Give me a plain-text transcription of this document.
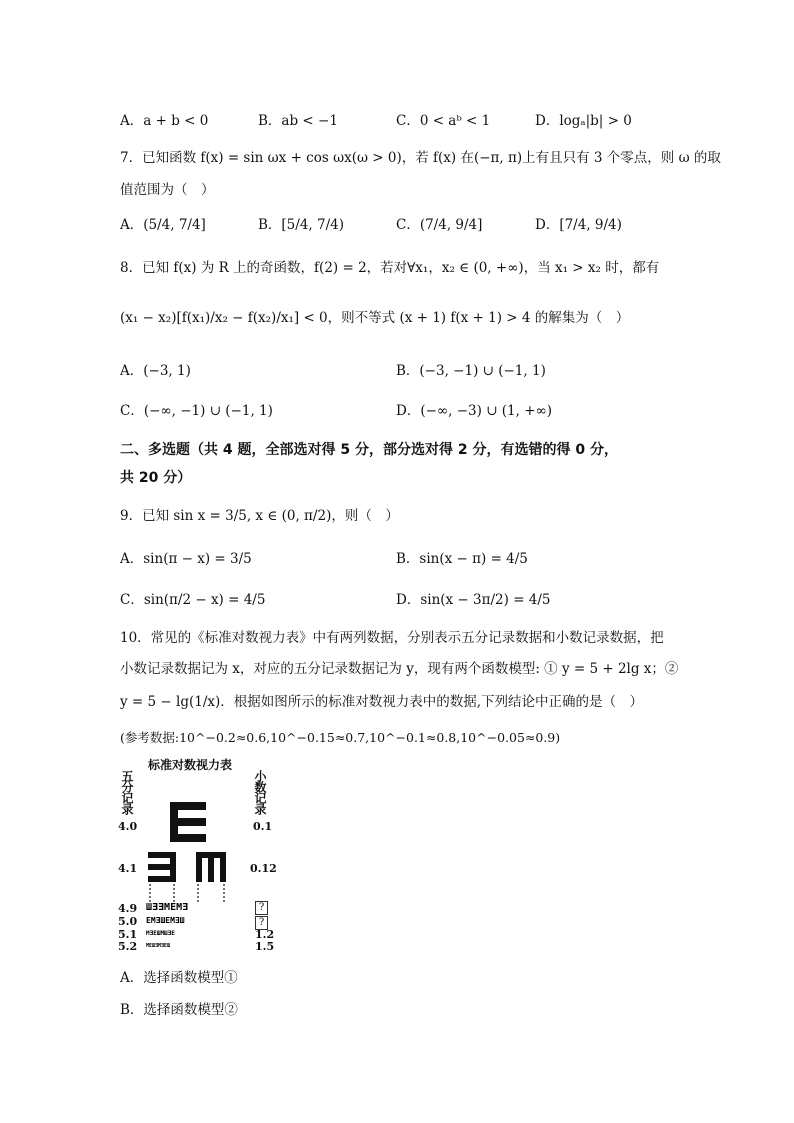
A．a + b < 0	B．ab < −1	C．0 < aᵇ < 1	D．logₐ|b| > 0
7．已知函数 f(x) = sin ωx + cos ωx(ω > 0)，若 f(x) 在(−π, π)上有且只有 3 个零点，则 ω 的取
值范围为（　）
A．(5/4, 7/4]	B．[5/4, 7/4)	C．(7/4, 9/4]	D．[7/4, 9/4)
8．已知 f(x) 为 R 上的奇函数，f(2) = 2，若对∀x₁，x₂ ∈ (0, +∞)，当 x₁ > x₂ 时，都有
(x₁ − x₂)[f(x₁)/x₂ − f(x₂)/x₁] < 0，则不等式 (x + 1) f(x + 1) > 4 的解集为（　）
A．(−3, 1)	B．(−3, −1) ∪ (−1, 1)
C．(−∞, −1) ∪ (−1, 1)	D．(−∞, −3) ∪ (1, +∞)
二、多选题（共 4 题，全部选对得 5 分，部分选对得 2 分，有选错的得 0 分，
共 20 分）
9．已知 sin x = 3/5, x ∈ (0, π/2)，则（　）
A．sin(π − x) = 3/5	B．sin(x − π) = 4/5
C．sin(π/2 − x) = 4/5	D．sin(x − 3π/2) = 4/5
10．常见的《标准对数视力表》中有两列数据，分别表示五分记录数据和小数记录数据，把
小数记录数据记为 x，对应的五分记录数据记为 y，现有两个函数模型: ① y = 5 + 2lg x；②
y = 5 − lg(1/x)．根据如图所示的标准对数视力表中的数据,下列结论中正确的是（　）
(参考数据:10^−0.2≈0.6,10^−0.15≈0.7,10^−0.1≈0.8,10^−0.05≈0.9)
标准对数视力表
五分记录	小数记录
4.0	0.1
4.1	0.12
4.9	?
5.0	?
5.1	1.2
5.2	1.5
ШƎƎMEMƎ
EMƎШEMƎШ
MƎEШMШƎE
MEШƎMƎEШ
A．选择函数模型①
B．选择函数模型②
